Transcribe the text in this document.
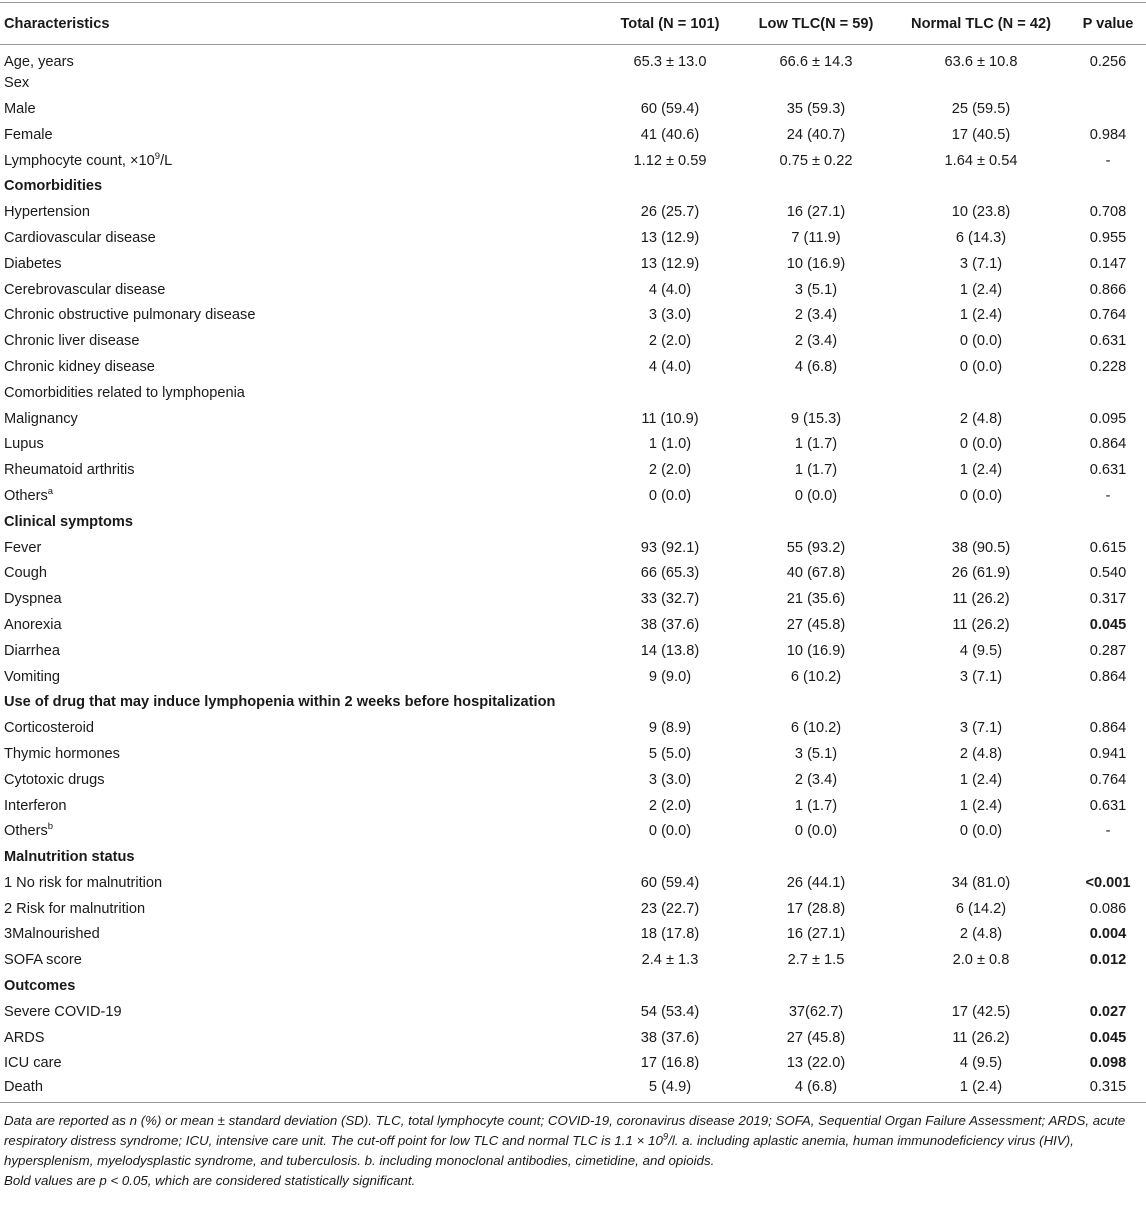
Characteristics	Total (N = 101)	Low TLC(N = 59)	Normal TLC (N = 42)	P value
Age, years	65.3 ± 13.0	66.6 ± 14.3	63.6 ± 10.8	0.256
Sex				
Male	60 (59.4)	35 (59.3)	25 (59.5)	
Female	41 (40.6)	24 (40.7)	17 (40.5)	0.984
Lymphocyte count, $\times 10^9/L$	1.12 ± 0.59	0.75 ± 0.22	1.64 ± 0.54	-
Comorbidities				
Hypertension	26 (25.7)	16 (27.1)	10 (23.8)	0.708
Cardiovascular disease	13 (12.9)	7 (11.9)	6 (14.3)	0.955
Diabetes	13 (12.9)	10 (16.9)	3 (7.1)	0.147
Cerebrovascular disease	4 (4.0)	3 (5.1)	1 (2.4)	0.866
Chronic obstructive pulmonary disease	3 (3.0)	2 (3.4)	1 (2.4)	0.764
Chronic liver disease	2 (2.0)	2 (3.4)	0 (0.0)	0.631
Chronic kidney disease	4 (4.0)	4 (6.8)	0 (0.0)	0.228
Comorbidities related to lymphopenia				
Malignancy	11 (10.9)	9 (15.3)	2 (4.8)	0.095
Lupus	1 (1.0)	1 (1.7)	0 (0.0)	0.864
Rheumatoid arthritis	2 (2.0)	1 (1.7)	1 (2.4)	0.631
Others$^a$	0 (0.0)	0 (0.0)	0 (0.0)	-
Clinical symptoms				
Fever	93 (92.1)	55 (93.2)	38 (90.5)	0.615
Cough	66 (65.3)	40 (67.8)	26 (61.9)	0.540
Dyspnea	33 (32.7)	21 (35.6)	11 (26.2)	0.317
Anorexia	38 (37.6)	27 (45.8)	11 (26.2)	0.045
Diarrhea	14 (13.8)	10 (16.9)	4 (9.5)	0.287
Vomiting	9 (9.0)	6 (10.2)	3 (7.1)	0.864
Use of drug that may induce lymphopenia within 2 weeks before hospitalization				
Corticosteroid	9 (8.9)	6 (10.2)	3 (7.1)	0.864
Thymic hormones	5 (5.0)	3 (5.1)	2 (4.8)	0.941
Cytotoxic drugs	3 (3.0)	2 (3.4)	1 (2.4)	0.764
Interferon	2 (2.0)	1 (1.7)	1 (2.4)	0.631
Others$^b$	0 (0.0)	0 (0.0)	0 (0.0)	-
Malnutrition status				
1 No risk for malnutrition	60 (59.4)	26 (44.1)	34 (81.0)	<0.001
2 Risk for malnutrition	23 (22.7)	17 (28.8)	6 (14.2)	0.086
3Malnourished	18 (17.8)	16 (27.1)	2 (4.8)	0.004
SOFA score	2.4 ± 1.3	2.7 ± 1.5	2.0 ± 0.8	0.012
Outcomes				
Severe COVID-19	54 (53.4)	37(62.7)	17 (42.5)	0.027
ARDS	38 (37.6)	27 (45.8)	11 (26.2)	0.045
ICU care	17 (16.8)	13 (22.0)	4 (9.5)	0.098
Death	5 (4.9)	4 (6.8)	1 (2.4)	0.315

Data are reported as n (%) or mean ± standard deviation (SD). TLC, total lymphocyte count; COVID-19, coronavirus disease 2019; SOFA, Sequential Organ Failure Assessment; ARDS, acute respiratory distress syndrome; ICU, intensive care unit. The cut-off point for low TLC and normal TLC is $1.1 \times 10^9/l$. a. including aplastic anemia, human immunodeficiency virus (HIV), hypersplenism, myelodysplastic syndrome, and tuberculosis. b. including monoclonal antibodies, cimetidine, and opioids.

Bold values are p < 0.05, which are considered statistically significant.
